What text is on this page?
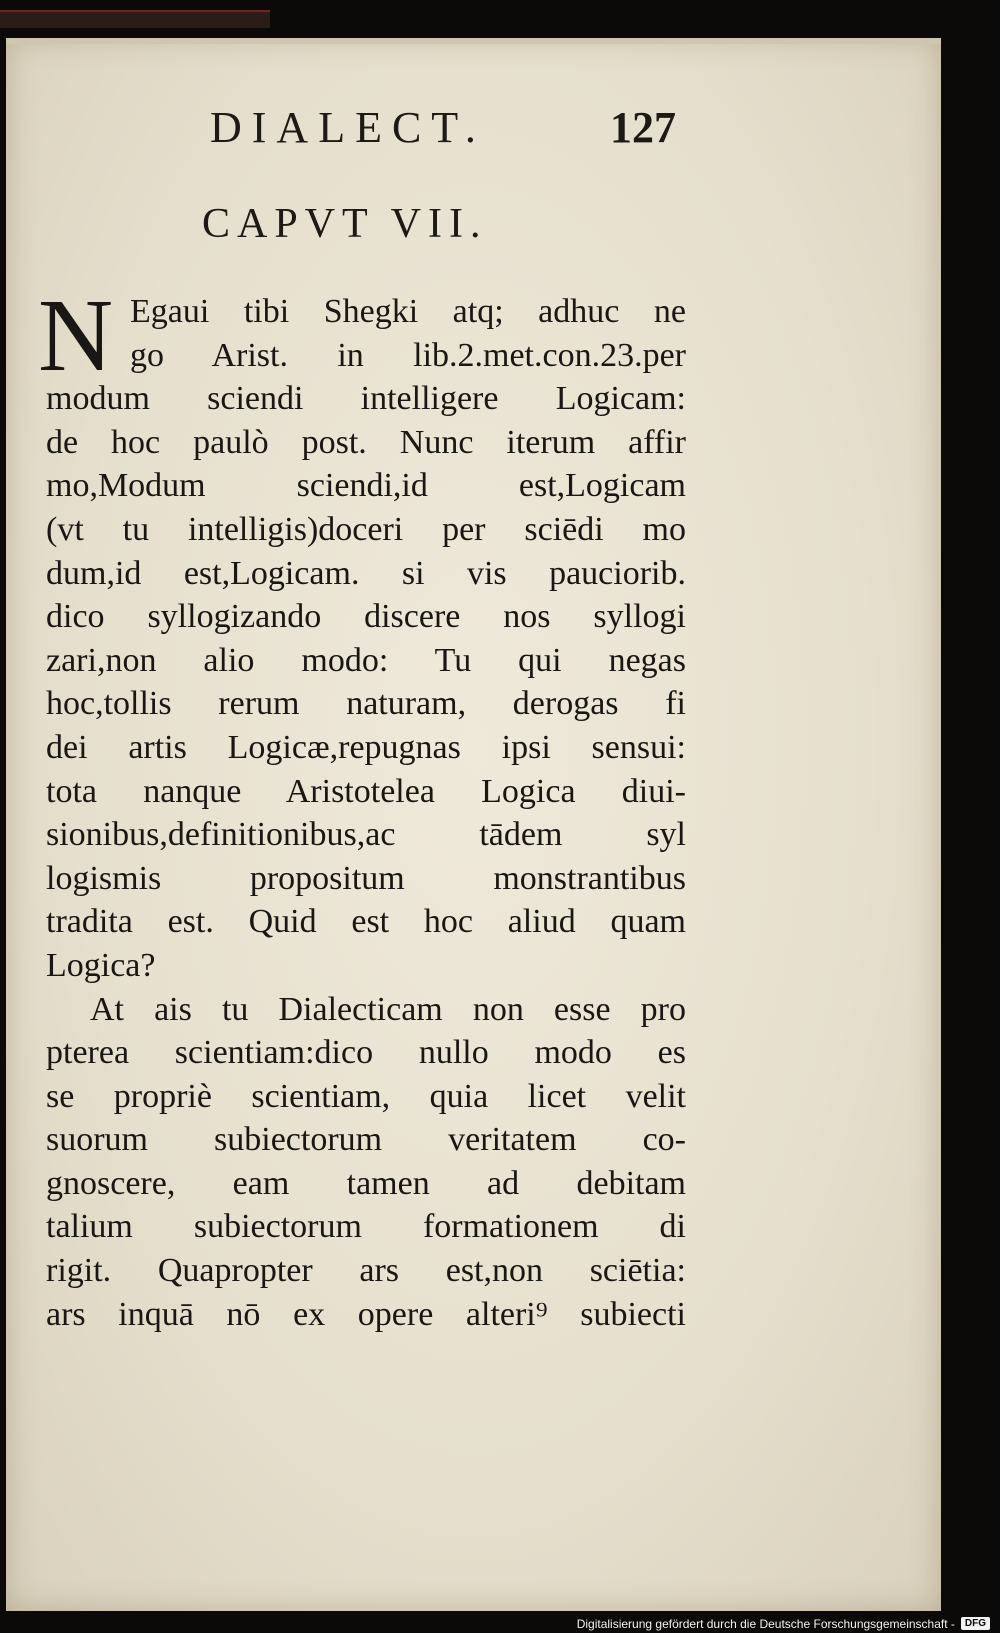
DIALECT.	127
CAPVT VII.
N Egaui tibi Shegki atq; adhuc ne
go Arist. in lib.2.met.con.23.per
modum sciendi intelligere Logicam:
de hoc paulò post. Nunc iterum affir
mo,Modum sciendi,id est,Logicam
(vt tu intelligis)doceri per sciēdi mo
dum,id est,Logicam. si vis pauciorib.
dico syllogizando discere nos syllogi
zari,non alio modo: Tu qui negas
hoc,tollis rerum naturam, derogas fi
dei artis Logicæ,repugnas ipsi sensui:
tota nanque Aristotelea Logica diui-
sionibus,definitionibus,ac tādem syl
logismis propositum monstrantibus
tradita est. Quid est hoc aliud quam
Logica?
At ais tu Dialecticam non esse pro
pterea scientiam:dico nullo modo es
se propriè scientiam, quia licet velit
suorum subiectorum veritatem co-
gnoscere, eam tamen ad debitam
talium subiectorum formationem di
rigit. Quapropter ars est,non sciētia:
ars inquā nō ex opere alteri⁹ subiecti
Digitalisierung gefördert durch die Deutsche Forschungsgemeinschaft -	DFG
